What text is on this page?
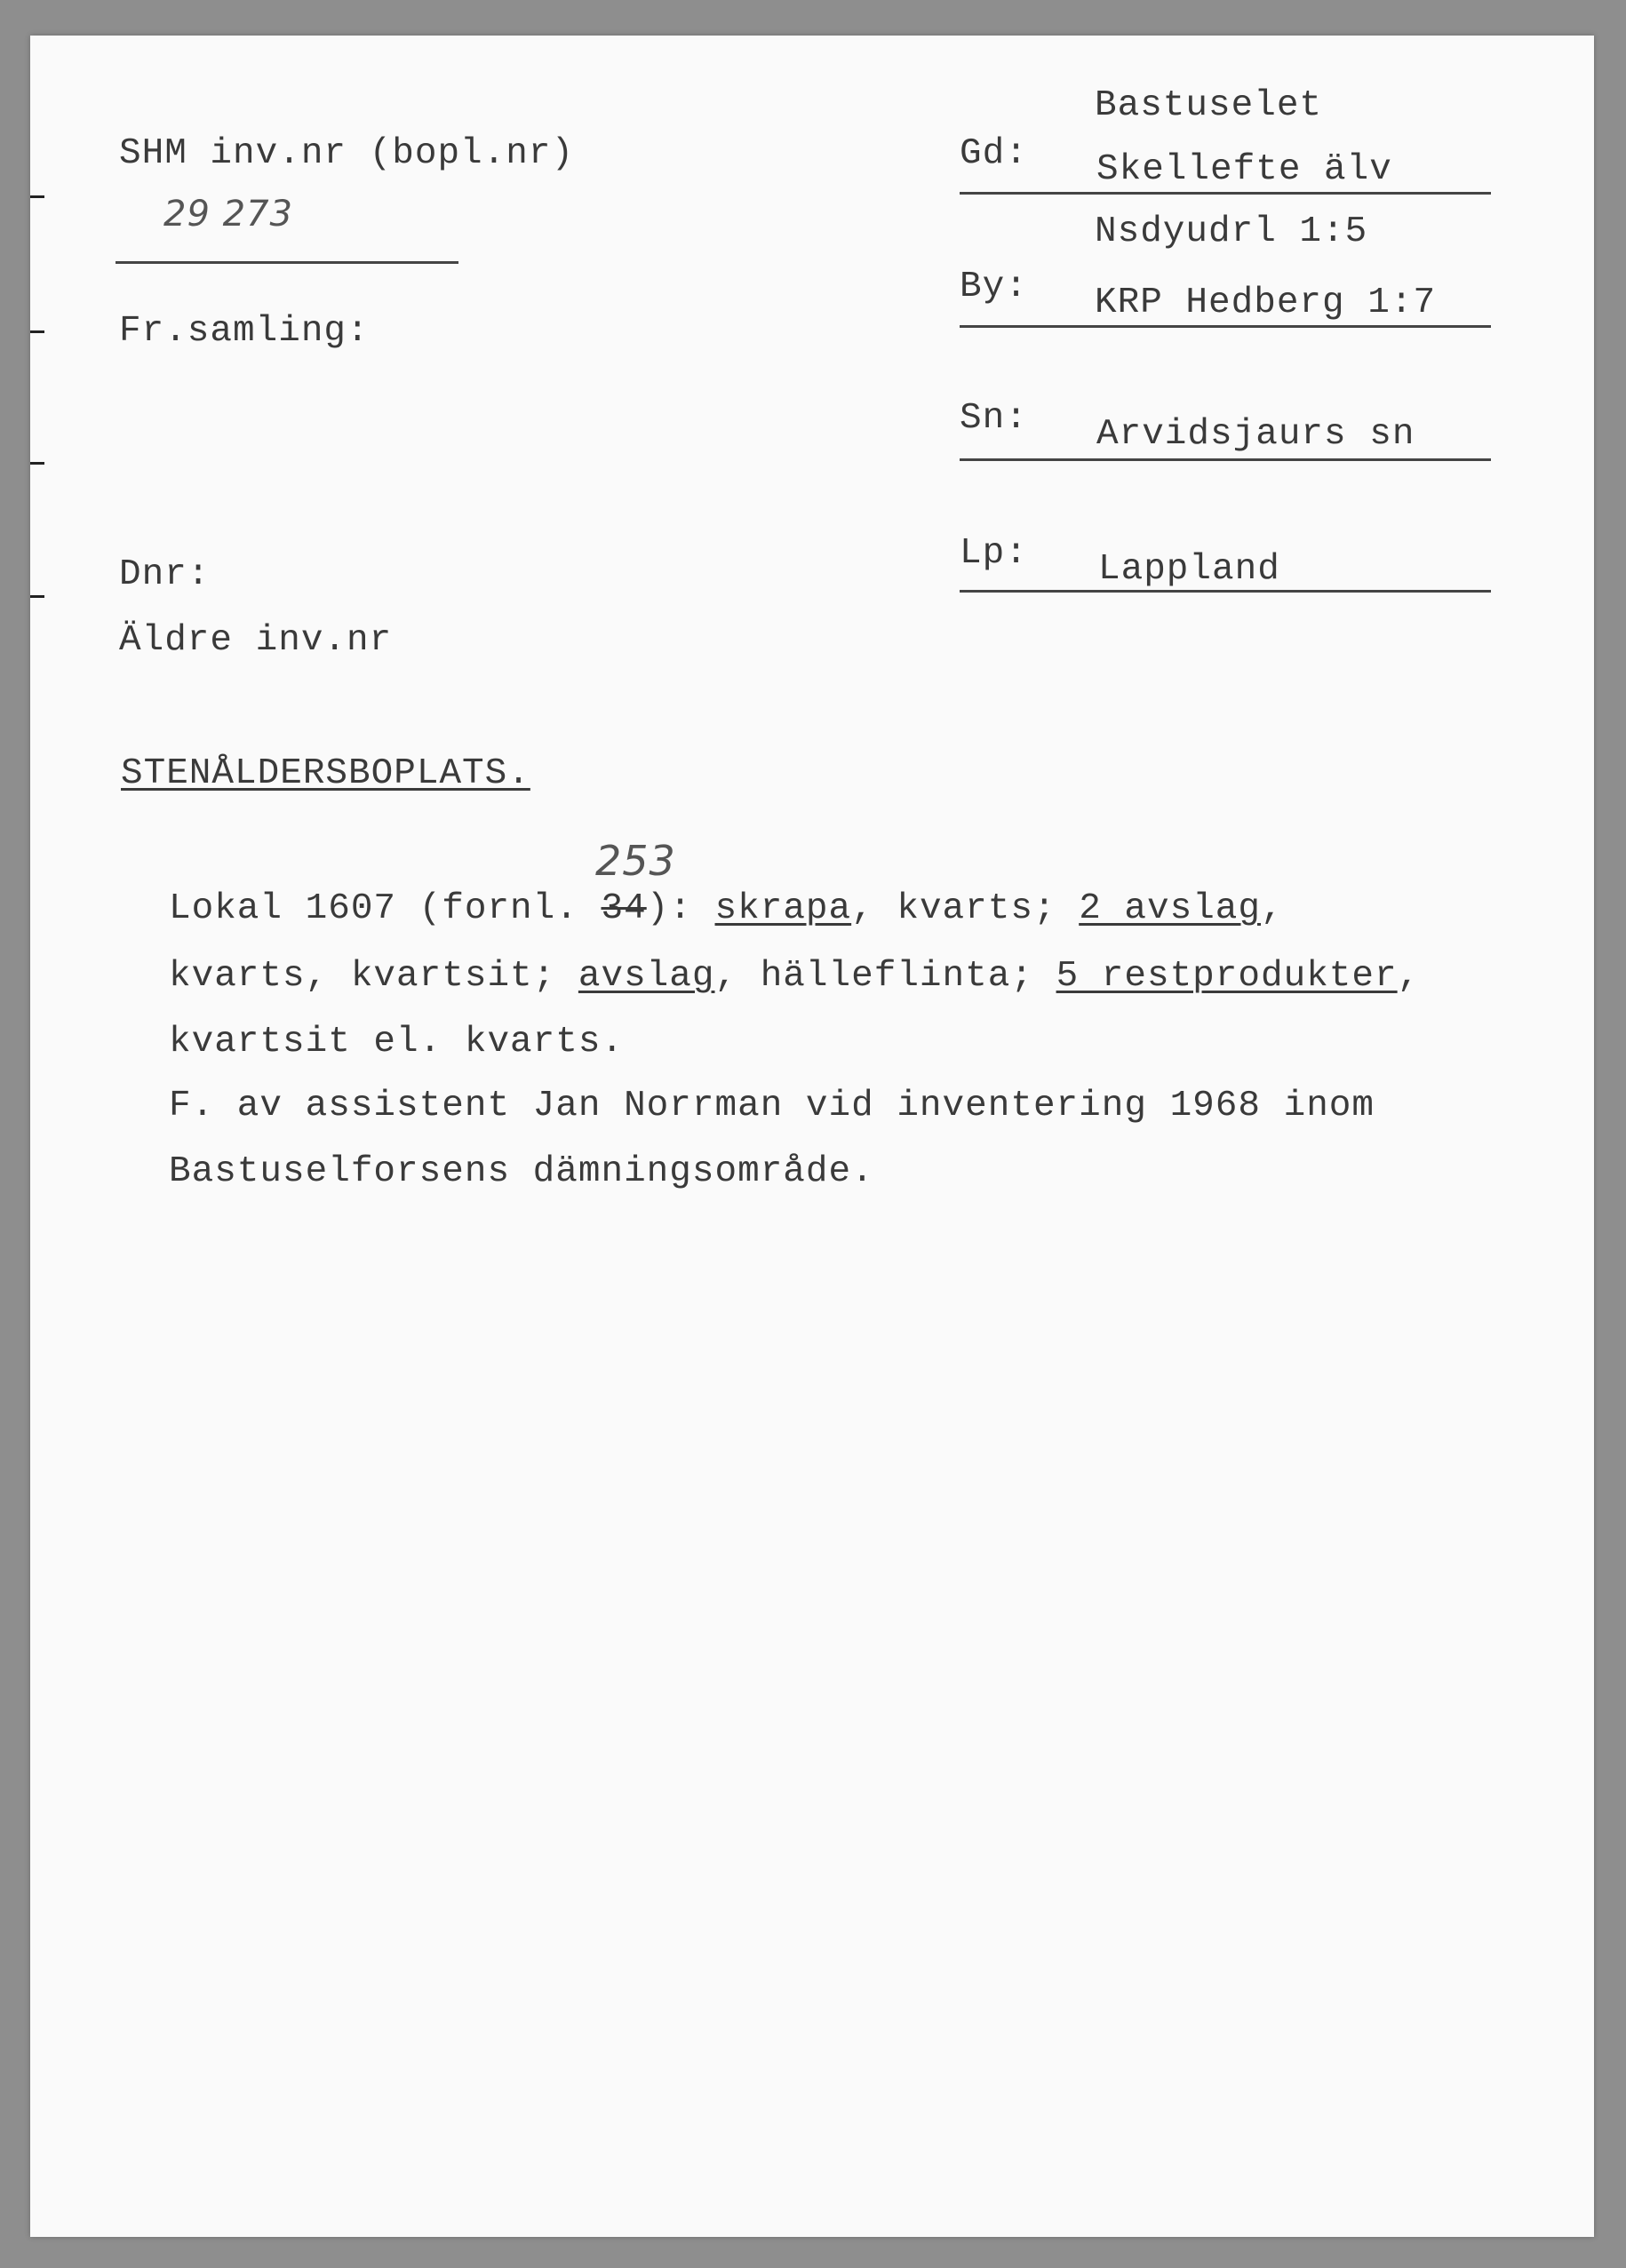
SHM inv.nr (bopl.nr)
29 273
Fr.samling:
Dnr:
Äldre inv.nr
Bastuselet
Gd: Skellefte älv
Nsdyudrl 1:5
By: KRP Hedberg 1:7
Sn: Arvidsjaurs sn
Lp: Lappland
STENÅLDERSBOPLATS.
253
Lokal 1607 (fornl. 34): skrapa, kvarts; 2 avslag,
kvarts, kvartsit; avslag, hälleflinta; 5 restprodukter,
kvartsit el. kvarts.
F. av assistent Jan Norrman vid inventering 1968 inom
Bastuselforsens dämningsområde.
